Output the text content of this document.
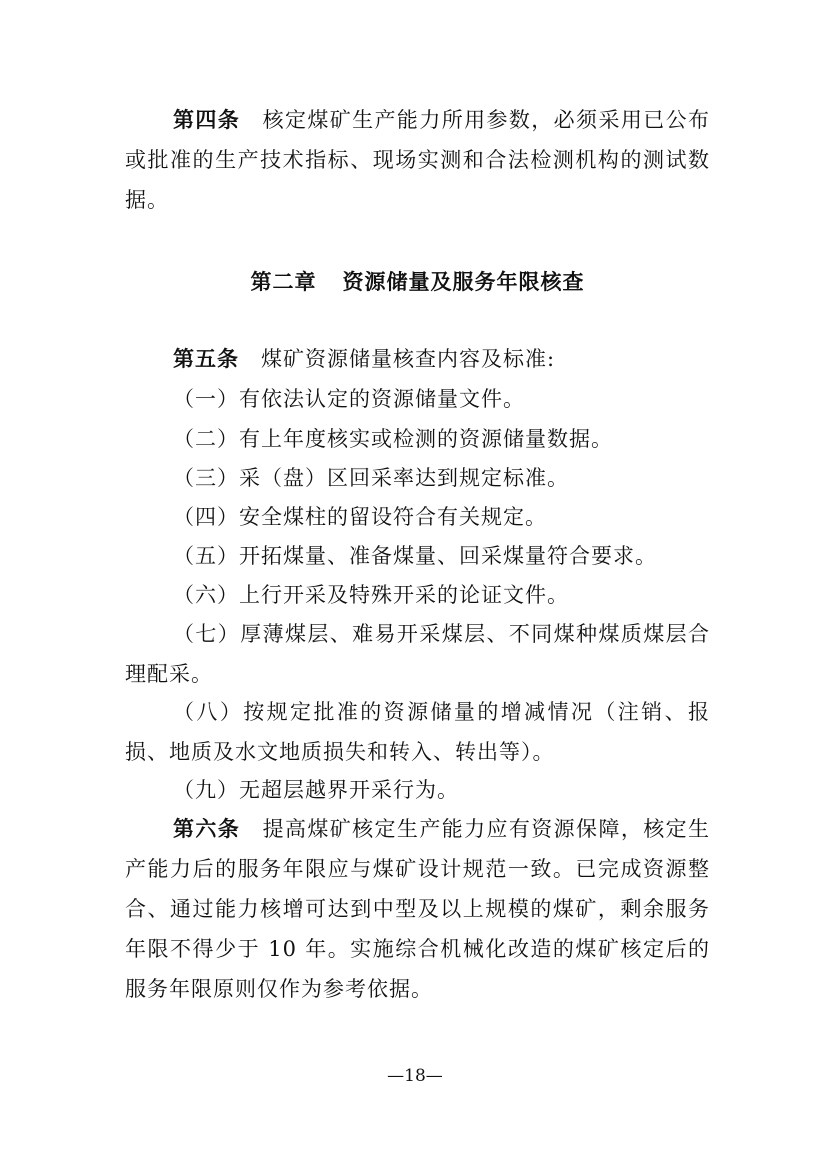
第四条 核定煤矿生产能力所用参数，必须采用已公布或批准的生产技术指标、现场实测和合法检测机构的测试数据。

第二章 资源储量及服务年限核查

第五条 煤矿资源储量核查内容及标准:

（一）有依法认定的资源储量文件。

（二）有上年度核实或检测的资源储量数据。

（三）采（盘）区回采率达到规定标准。

（四）安全煤柱的留设符合有关规定。

（五）开拓煤量、准备煤量、回采煤量符合要求。

（六）上行开采及特殊开采的论证文件。

（七）厚薄煤层、难易开采煤层、不同煤种煤质煤层合理配采。

（八）按规定批准的资源储量的增减情况（注销、报损、地质及水文地质损失和转入、转出等）。

（九）无超层越界开采行为。

第六条 提高煤矿核定生产能力应有资源保障，核定生产能力后的服务年限应与煤矿设计规范一致。已完成资源整合、通过能力核增可达到中型及以上规模的煤矿，剩余服务年限不得少于 10 年。实施综合机械化改造的煤矿核定后的服务年限原则仅作为参考依据。

—18—
